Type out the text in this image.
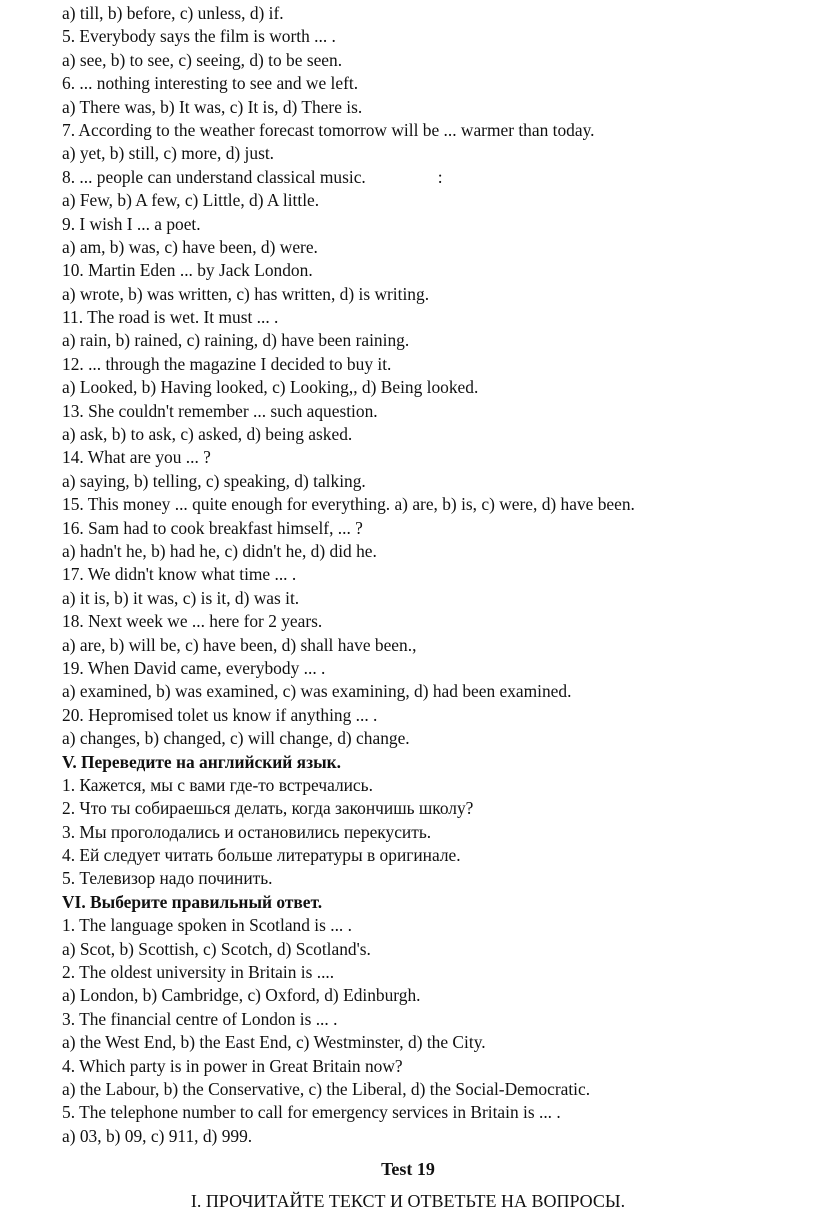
a) till, b) before, c) unless, d) if.
5. Everybody says the film is worth ... .
a) see, b) to see, c) seeing, d) to be seen.
6. ... nothing interesting to see and we left.
a) There was, b) It was, c) It is, d) There is.
7. According to the weather forecast tomorrow will be ... warmer than today.
a) yet, b) still, c) more, d) just.
8. ... people can understand classical music.	:
a) Few, b) A few, c) Little, d) A little.
9. I wish I ... a poet.
a) am, b) was, c) have been, d) were.
10. Martin Eden ... by Jack London.
a) wrote, b) was written, c) has written, d) is writing.
11. The road is wet. It must ... .
a) rain, b) rained, c) raining, d) have been raining.
12. ... through the magazine I decided to buy it.
a) Looked, b) Having looked, c) Looking,, d) Being looked.
13. She couldn't remember ... such aquestion.
a) ask, b) to ask, c) asked, d) being asked.
14. What are you ... ?
a) saying, b) telling, c) speaking, d) talking.
15. This money ... quite enough for everything. a) are, b) is, c) were, d) have been.
16. Sam had to cook breakfast himself, ... ?
a) hadn't he, b) had he, c) didn't he, d) did he.
17. We didn't know what time ... .
a) it is, b) it was, c) is it, d) was it.
18. Next week we ... here for 2 years.
a) are, b) will be, c) have been, d) shall have been.,
19. When David came, everybody ... .
a) examined, b) was examined, c) was examining, d) had been examined.
20. Hepromised tolet us know if anything ... .
a) changes, b) changed, c) will change, d) change.
V. Переведите на английский язык.
1. Кажется, мы с вами где-то встречались.
2. Что ты собираешься делать, когда закончишь школу?
3. Мы проголодались и остановились перекусить.
4. Ей следует читать больше литературы в оригинале.
5. Телевизор надо починить.
VI. Выберите правильный ответ.
1. The language spoken in Scotland is ... .
a) Scot, b) Scottish, c) Scotch, d) Scotland's.
2. The oldest university in Britain is ....
a) London, b) Cambridge, c) Oxford, d) Edinburgh.
3. The financial centre of London is ... .
a) the West End, b) the East End, c) Westminster, d) the City.
4. Which party is in power in Great Britain now?
a) the Labour, b) the Conservative, c) the Liberal, d) the Social-Democratic.
5. The telephone number to call for emergency services in Britain is ... .
a) 03, b) 09, c) 911, d) 999.
Test 19
I. ПРОЧИТАЙТЕ ТЕКСТ И ОТВЕТЬТЕ НА ВОПРОСЫ.
